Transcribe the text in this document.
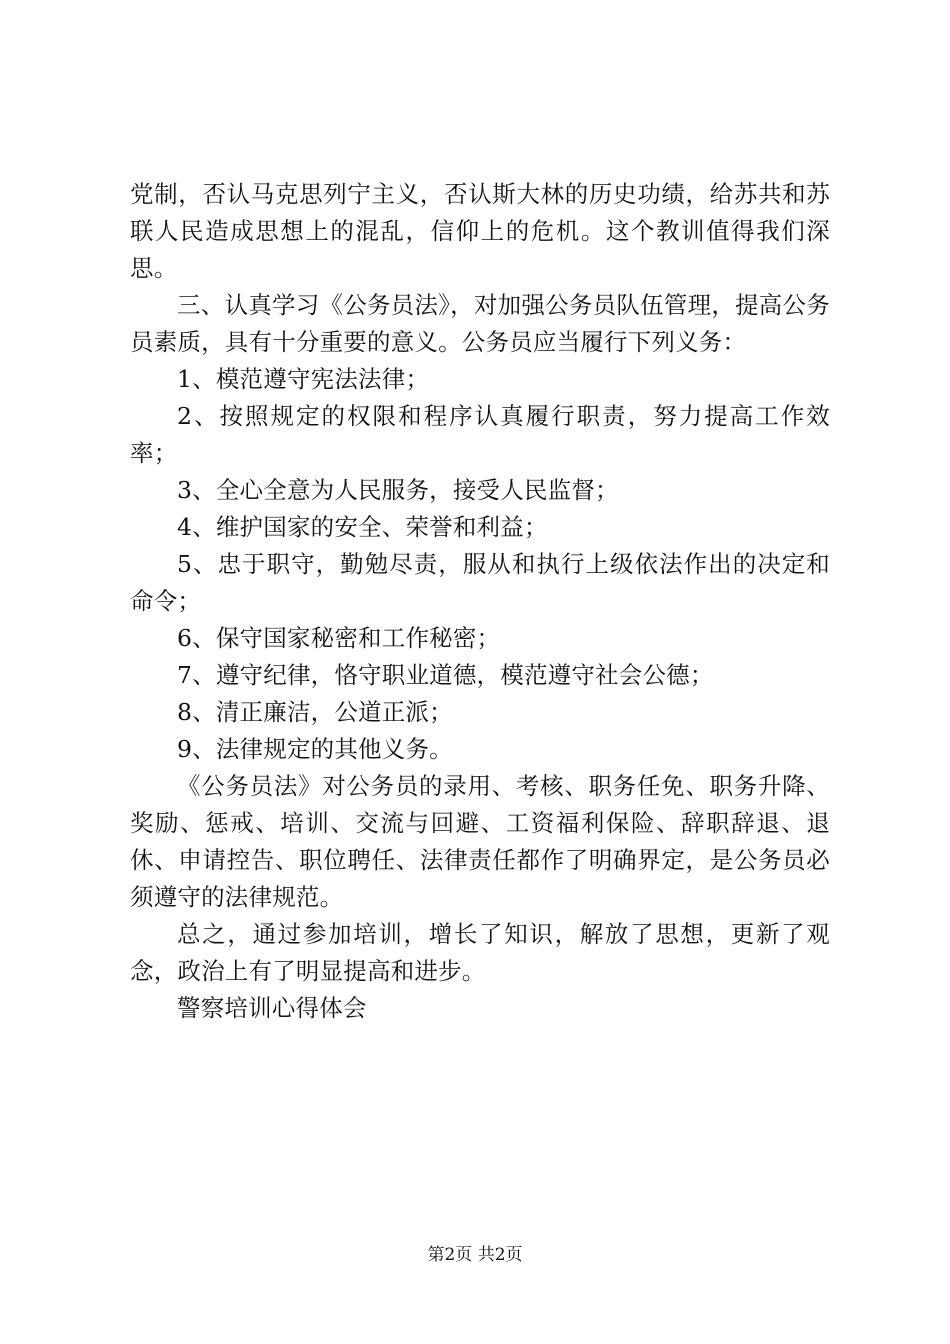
党制，否认马克思列宁主义，否认斯大林的历史功绩，给苏共和苏联人民造成思想上的混乱，信仰上的危机。这个教训值得我们深思。

三、认真学习《公务员法》，对加强公务员队伍管理，提高公务员素质，具有十分重要的意义。公务员应当履行下列义务：

1、模范遵守宪法法律；

2、按照规定的权限和程序认真履行职责，努力提高工作效率；

3、全心全意为人民服务，接受人民监督；

4、维护国家的安全、荣誉和利益；

5、忠于职守，勤勉尽责，服从和执行上级依法作出的决定和命令；

6、保守国家秘密和工作秘密；

7、遵守纪律，恪守职业道德，模范遵守社会公德；

8、清正廉洁，公道正派；

9、法律规定的其他义务。

《公务员法》对公务员的录用、考核、职务任免、职务升降、奖励、惩戒、培训、交流与回避、工资福利保险、辞职辞退、退休、申请控告、职位聘任、法律责任都作了明确界定，是公务员必须遵守的法律规范。

总之，通过参加培训，增长了知识，解放了思想，更新了观念，政治上有了明显提高和进步。

警察培训心得体会

第2页 共2页
